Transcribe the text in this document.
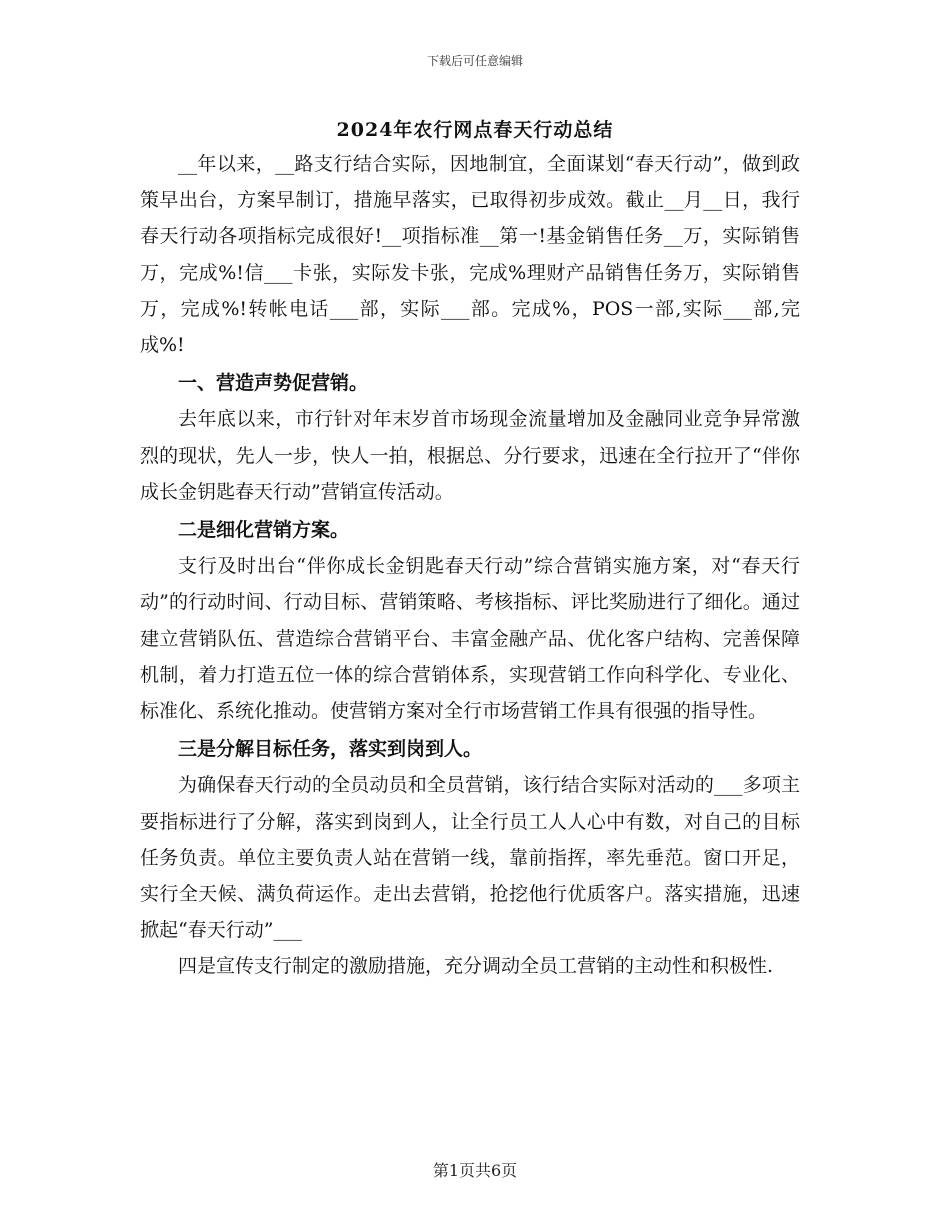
下载后可任意编辑
2024年农行网点春天行动总结

__年以来，__路支行结合实际，因地制宜，全面谋划“春天行动”，做到政策早出台，方案早制订，措施早落实，已取得初步成效。截止__月__日，我行春天行动各项指标完成很好!__项指标准__第一!基金销售任务__万，实际销售万，完成%!信___卡张，实际发卡张，完成%理财产品销售任务万，实际销售万，完成%!转帐电话___部，实际___部。完成%，POS一部,实际___部,完成%!

一、营造声势促营销。

去年底以来，市行针对年末岁首市场现金流量增加及金融同业竞争异常激烈的现状，先人一步，快人一拍，根据总、分行要求，迅速在全行拉开了“伴你成长金钥匙春天行动”营销宣传活动。

二是细化营销方案。

支行及时出台“伴你成长金钥匙春天行动”综合营销实施方案，对“春天行动”的行动时间、行动目标、营销策略、考核指标、评比奖励进行了细化。通过建立营销队伍、营造综合营销平台、丰富金融产品、优化客户结构、完善保障机制，着力打造五位一体的综合营销体系，实现营销工作向科学化、专业化、标准化、系统化推动。使营销方案对全行市场营销工作具有很强的指导性。

三是分解目标任务，落实到岗到人。

为确保春天行动的全员动员和全员营销，该行结合实际对活动的___多项主要指标进行了分解，落实到岗到人，让全行员工人人心中有数，对自己的目标任务负责。单位主要负责人站在营销一线，靠前指挥，率先垂范。窗口开足，实行全天候、满负荷运作。走出去营销，抢挖他行优质客户。落实措施，迅速掀起“春天行动”___

四是宣传支行制定的激励措施，充分调动全员工营销的主动性和积极性.

第1页共6页
